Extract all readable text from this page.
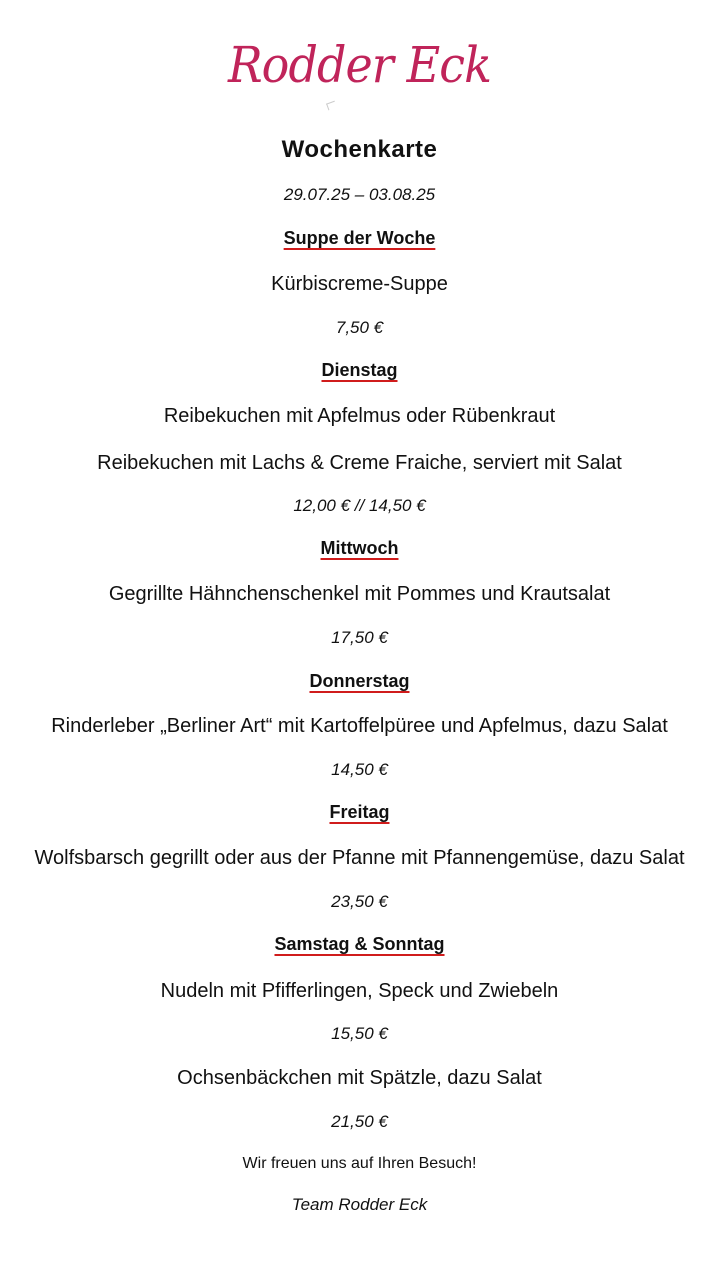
Rodder Eck
Wochenkarte
29.07.25 – 03.08.25
Suppe der Woche
Kürbiscreme-Suppe
7,50 €
Dienstag
Reibekuchen mit Apfelmus oder Rübenkraut
Reibekuchen mit Lachs & Creme Fraiche, serviert mit Salat
12,00 € // 14,50 €
Mittwoch
Gegrillte Hähnchenschenkel mit Pommes und Krautsalat
17,50 €
Donnerstag
Rinderleber „Berliner Art“ mit Kartoffelpüree und Apfelmus, dazu Salat
14,50 €
Freitag
Wolfsbarsch gegrillt oder aus der Pfanne mit Pfannengemüse, dazu Salat
23,50 €
Samstag & Sonntag
Nudeln mit Pfifferlingen, Speck und Zwiebeln
15,50 €
Ochsenbäckchen mit Spätzle, dazu Salat
21,50 €
Wir freuen uns auf Ihren Besuch!
Team Rodder Eck
